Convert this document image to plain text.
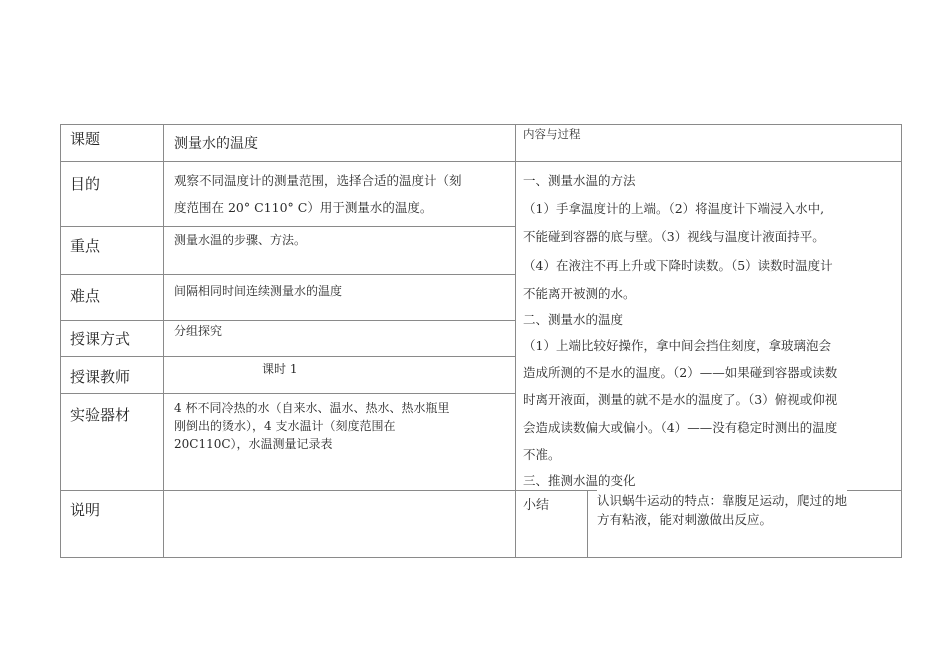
课题
目的
重点
难点
授课方式
授课教师
实验器材
说明
测量水的温度
观察不同温度计的测量范围，选择合适的温度计（刻
度范围在 20° C110° C）用于测量水的温度。
测量水温的步骤、方法。
间隔相同时间连续测量水的温度
分组探究
课时 1
4 杯不同冷热的水（自来水、温水、热水、热水瓶里
刚倒出的烫水），4 支水温计（刻度范围在
20C110C），水温测量记录表
内容与过程
一、测量水温的方法
（1）手拿温度计的上端。（2）将温度计下端浸入水中,
不能碰到容器的底与壁。（3）视线与温度计液面持平。
（4）在液注不再上升或下降时读数。（5）读数时温度计
不能离开被测的水。
二、测量水的温度
（1）上端比较好操作，拿中间会挡住刻度，拿玻璃泡会
造成所测的不是水的温度。（2）——如果碰到容器或读数
时离开液面，测量的就不是水的温度了。（3）俯视或仰视
会造成读数偏大或偏小。（4）——没有稳定时测出的温度
不准。
三、推测水温的变化
小结	认识蜗牛运动的特点：靠腹足运动，爬过的地
方有粘液，能对刺激做出反应。
